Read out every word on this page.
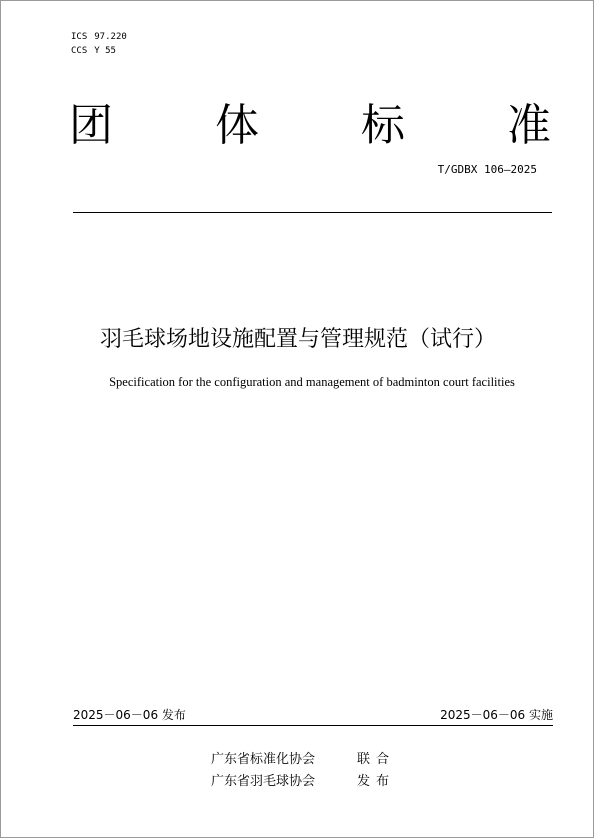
ICS 97.220
CCS Y 55
团 体 标 准
T/GDBX 106—2025
羽毛球场地设施配置与管理规范（试行）
Specification for the configuration and management of badminton court facilities
2025－06－06 发布	2025－06－06 实施
广东省标准化协会	联合
广东省羽毛球协会	发布
